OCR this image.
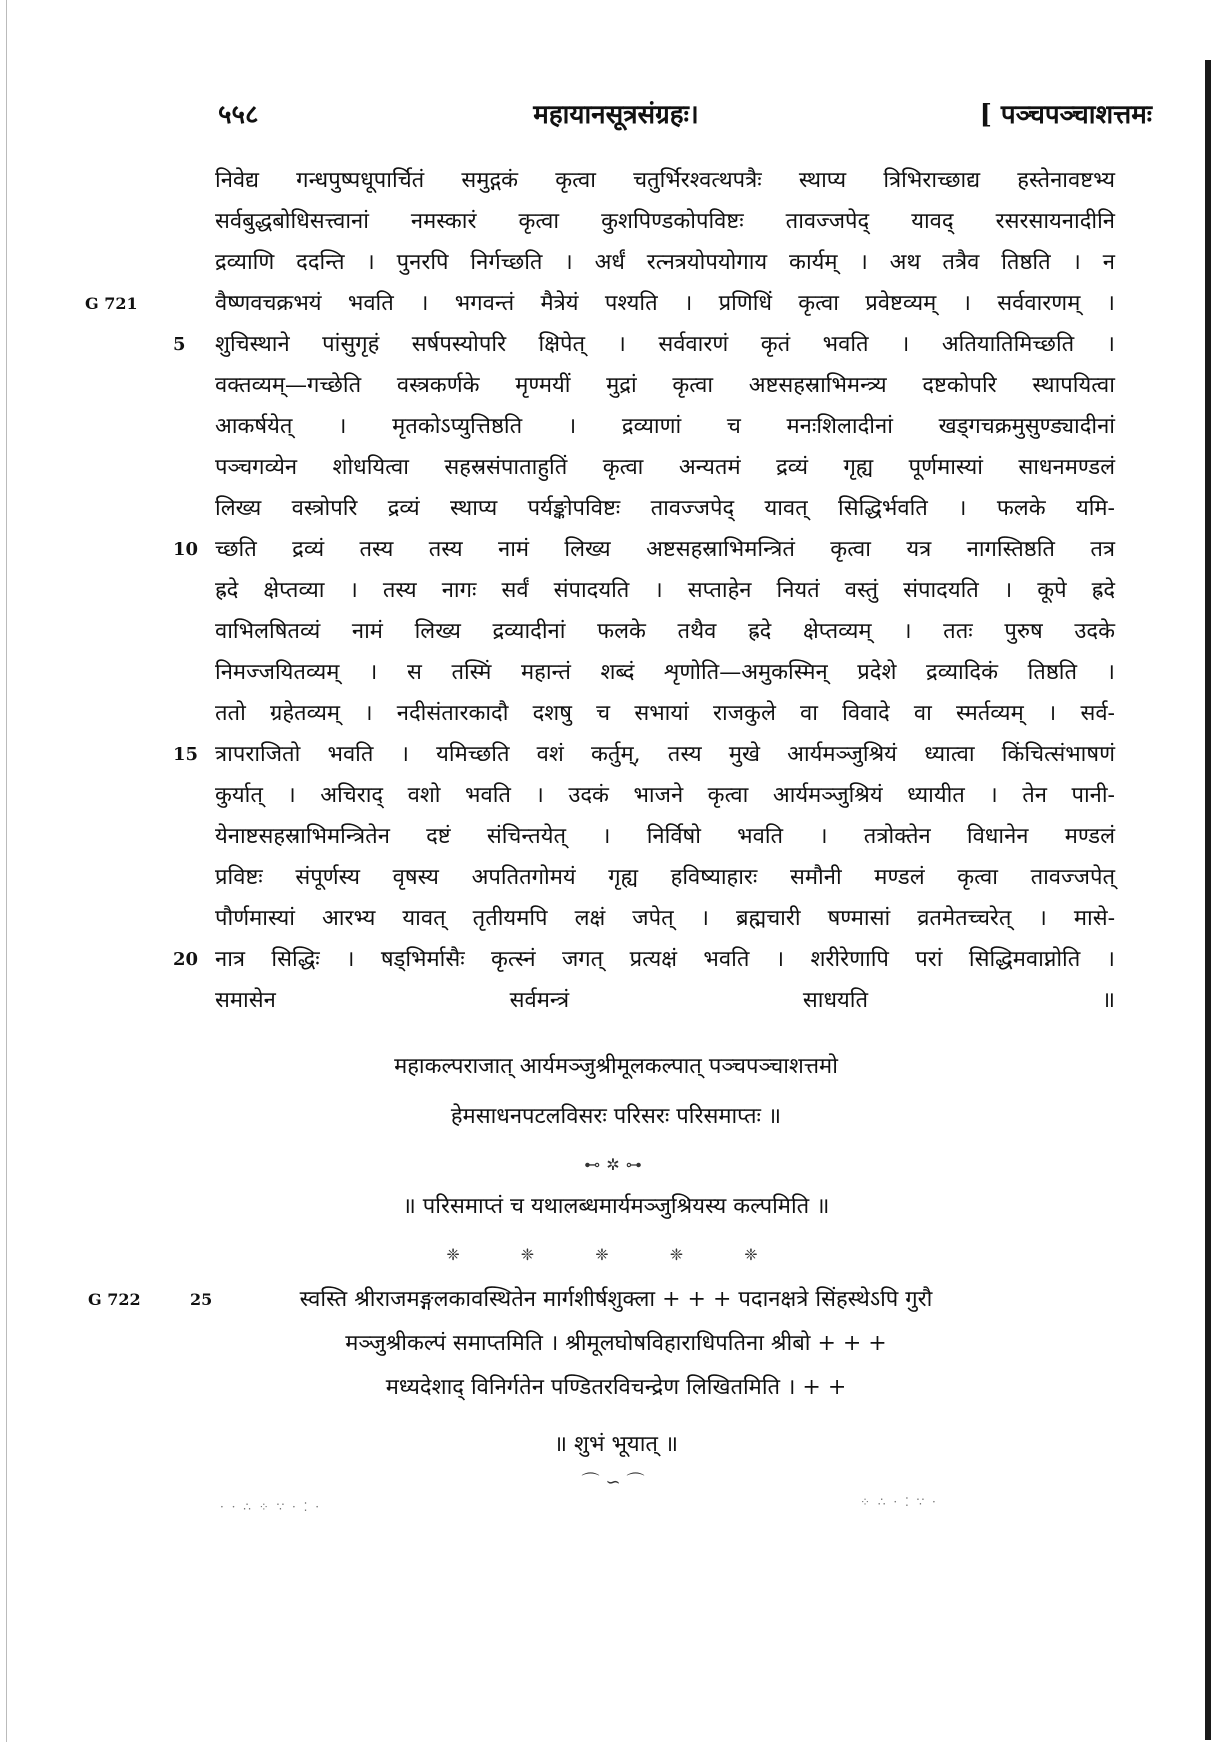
५५८	महायानसूत्रसंग्रहः।	[ पञ्चपञ्चाशत्तमः
निवेद्य गन्धपुष्पधूपार्चितं समुद्गकं कृत्वा चतुर्भिरश्वत्थपत्रैः स्थाप्य त्रिभिराच्छाद्य हस्तेनावष्टभ्य
सर्वबुद्धबोधिसत्त्वानां नमस्कारं कृत्वा कुशपिण्डकोपविष्टः तावज्जपेद् यावद् रसरसायनादीनि
द्रव्याणि ददन्ति । पुनरपि निर्गच्छति । अर्धं रत्नत्रयोपयोगाय कार्यम् । अथ तत्रैव तिष्ठति । न
G 721	वैष्णवचक्रभयं भवति । भगवन्तं मैत्रेयं पश्यति । प्रणिधिं कृत्वा प्रवेष्टव्यम् । सर्ववारणम् ।
5 शुचिस्थाने पांसुगृहं सर्षपस्योपरि क्षिपेत् । सर्ववारणं कृतं भवति । अतियातिमिच्छति ।
वक्तव्यम्—गच्छेति वस्त्रकर्णके मृण्मयीं मुद्रां कृत्वा अष्टसहस्राभिमन्त्र्य दष्टकोपरि स्थापयित्वा
आकर्षयेत् । मृतकोऽप्युत्तिष्ठति । द्रव्याणां च मनःशिलादीनां खड्गचक्रमुसुण्ड्यादीनां
पञ्चगव्येन शोधयित्वा सहस्रसंपाताहुतिं कृत्वा अन्यतमं द्रव्यं गृह्य पूर्णमास्यां साधनमण्डलं
लिख्य वस्त्रोपरि द्रव्यं स्थाप्य पर्यङ्कोपविष्टः तावज्जपेद् यावत् सिद्धिर्भवति । फलके यमि-
10 च्छति द्रव्यं तस्य तस्य नामं लिख्य अष्टसहस्राभिमन्त्रितं कृत्वा यत्र नागस्तिष्ठति तत्र
ह्रदे क्षेप्तव्या । तस्य नागः सर्वं संपादयति । सप्ताहेन नियतं वस्तुं संपादयति । कूपे ह्रदे
वाभिलषितव्यं नामं लिख्य द्रव्यादीनां फलके तथैव ह्रदे क्षेप्तव्यम् । ततः पुरुष उदके
निमज्जयितव्यम् । स तस्मिं महान्तं शब्दं शृणोति—अमुकस्मिन् प्रदेशे द्रव्यादिकं तिष्ठति ।
ततो ग्रहेतव्यम् । नदीसंतारकादौ दशषु च सभायां राजकुले वा विवादे वा स्मर्तव्यम् । सर्व-
15 त्रापराजितो भवति । यमिच्छति वशं कर्तुम्, तस्य मुखे आर्यमञ्जुश्रियं ध्यात्वा किंचित्संभाषणं
कुर्यात् । अचिराद् वशो भवति । उदकं भाजने कृत्वा आर्यमञ्जुश्रियं ध्यायीत । तेन पानी-
येनाष्टसहस्राभिमन्त्रितेन दष्टं संचिन्तयेत् । निर्विषो भवति । तत्रोक्तेन विधानेन मण्डलं
प्रविष्टः संपूर्णस्य वृषस्य अपतितगोमयं गृह्य हविष्याहारः समौनी मण्डलं कृत्वा तावज्जपेत्
पौर्णमास्यां आरभ्य यावत् तृतीयमपि लक्षं जपेत् । ब्रह्मचारी षण्मासां व्रतमेतच्चरेत् । मासे-
20 नात्र सिद्धिः । षड्भिर्मासैः कृत्स्नं जगत् प्रत्यक्षं भवति । शरीरेणापि परां सिद्धिमवाप्नोति ।
समासेन सर्वमन्त्रं साधयति ॥
महाकल्पराजात् आर्यमञ्जुश्रीमूलकल्पात् पञ्चपञ्चाशत्तमो
हेमसाधनपटलविसरः परिसरः परिसमाप्तः ॥
⊷✲⊶
॥ परिसमाप्तं च यथालब्धमार्यमञ्जुश्रियस्य कल्पमिति ॥
❈ ❈ ❈ ❈ ❈
G 722	25	स्वस्ति श्रीराजमङ्गलकावस्थितेन मार्गशीर्षशुक्ला + + + पदानक्षत्रे सिंहस्थेऽपि गुरौ
मञ्जुश्रीकल्पं समाप्तमिति । श्रीमूलघोषविहाराधिपतिना श्रीबो + + +
मध्यदेशाद् विनिर्गतेन पण्डितरविचन्द्रेण लिखितमिति । + +
॥ शुभं भूयात् ॥
⌒∽⌒
· · ∴ ⁘ ∵ · ⁚ ·	⁘ ∴ · ⁚ ∵ ·
